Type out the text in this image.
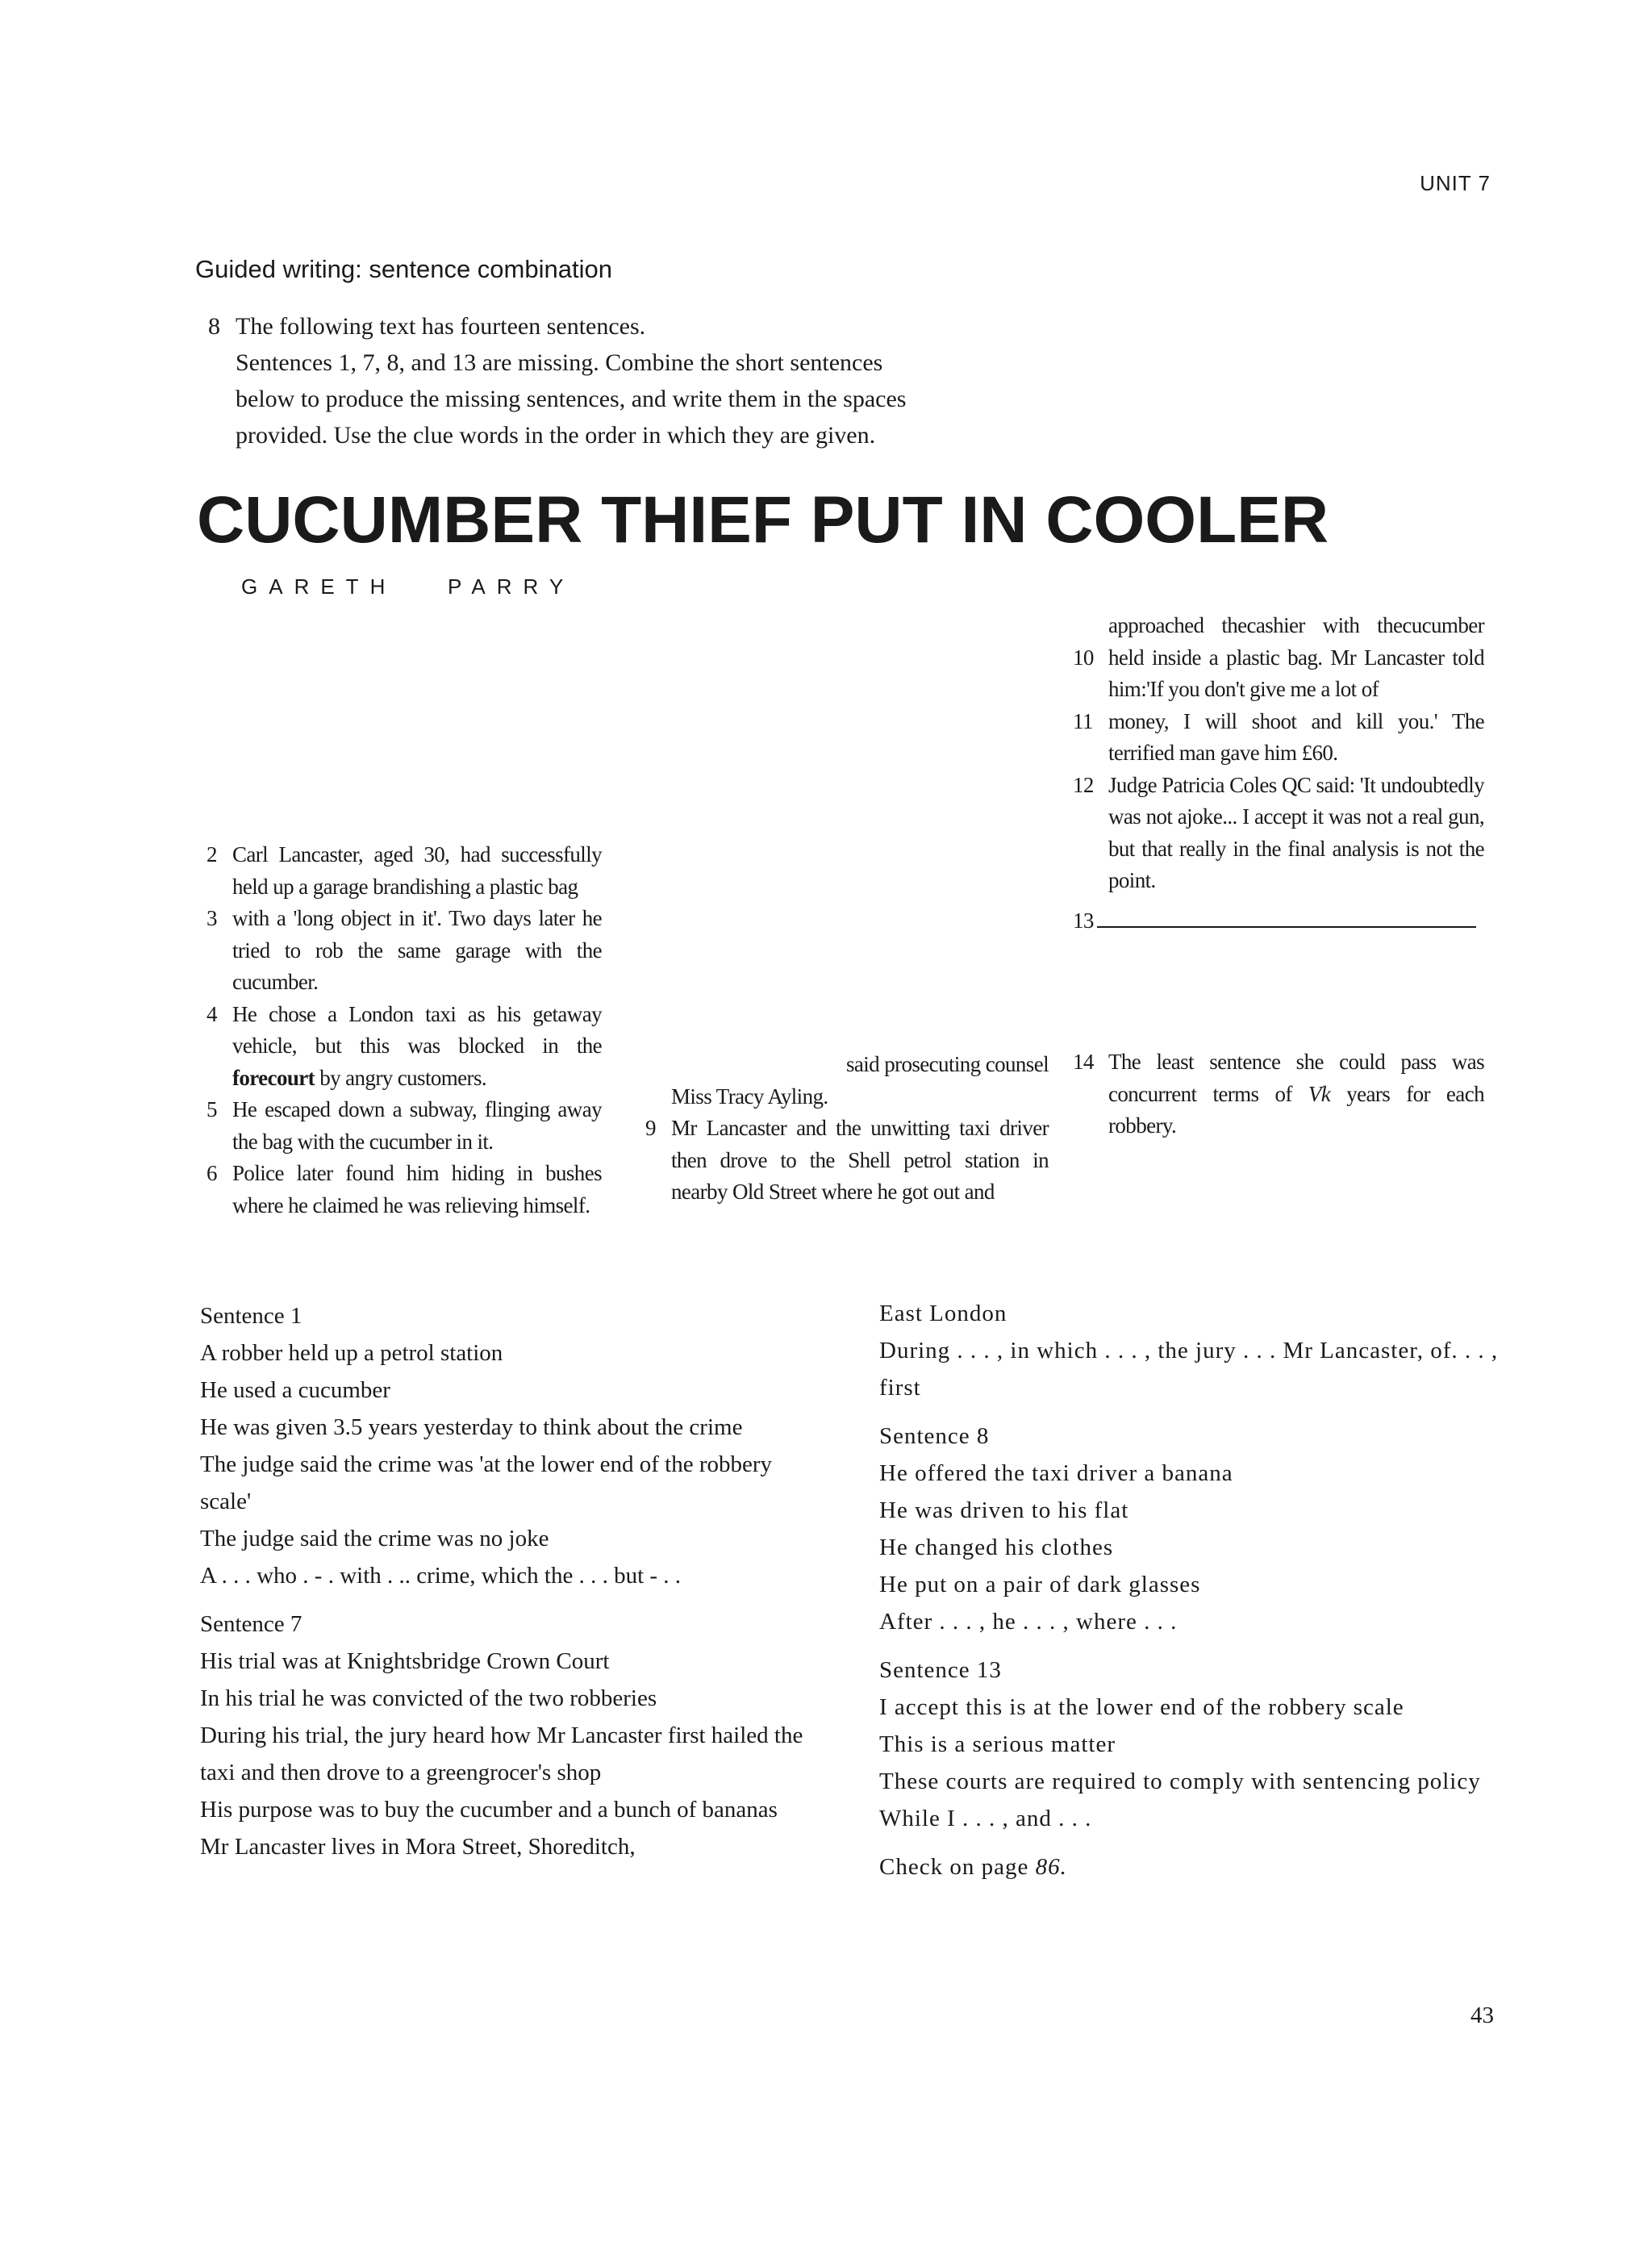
UNIT 7
Guided writing: sentence combination
8 The following text has fourteen sentences.
Sentences 1, 7, 8, and 13 are missing. Combine the short sentences
below to produce the missing sentences, and write them in the spaces
provided. Use the clue words in the order in which they are given.
CUCUMBER THIEF PUT IN COOLER
GARETH   PARRY
2 Carl Lancaster, aged 30, had successfully held up a garage brandishing a plastic bag
3 with a 'long object in it'. Two days later he tried to rob the same garage with the cucumber.
4 He chose a London taxi as his getaway vehicle, but this was blocked in the forecourt by angry customers.
5 He escaped down a subway, flinging away the bag with the cucumber in it.
6 Police later found him hiding in bushes where he claimed he was relieving himself.
said prosecuting counsel
Miss Tracy Ayling.
9 Mr Lancaster and the unwitting taxi driver then drove to the Shell petrol station in nearby Old Street where he got out and
approached thecashier with thecucumber
10 held inside a plastic bag. Mr Lancaster told him:'If you don't give me a lot of
11 money, I will shoot and kill you.' The terrified man gave him £60.
12 Judge Patricia Coles QC said: 'It undoubtedly was not ajoke... I accept it was not a real gun, but that really in the final analysis is not the point.
13
14 The least sentence she could pass was concurrent terms of Vk years for each robbery.
Sentence 1
A robber held up a petrol station
He used a cucumber
He was given 3.5 years yesterday to think about the crime
The judge said the crime was 'at the lower end of the robbery scale'
The judge said the crime was no joke
A . . . who . - . with . .. crime, which the . . . but - . .
Sentence 7
His trial was at Knightsbridge Crown Court
In his trial he was convicted of the two robberies
During his trial, the jury heard how Mr Lancaster first hailed the taxi and then drove to a greengrocer's shop
His purpose was to buy the cucumber and a bunch of bananas
Mr Lancaster lives in Mora Street, Shoreditch,
East London
During . . . , in which . . . , the jury . . . Mr Lancaster, of. . . , first
Sentence 8
He offered the taxi driver a banana
He was driven to his flat
He changed his clothes
He put on a pair of dark glasses
After . . . , he . . . , where . . .
Sentence 13
I accept this is at the lower end of the robbery scale
This is a serious matter
These courts are required to comply with sentencing policy
While I . . . , and . . .
Check on page 86.
43
